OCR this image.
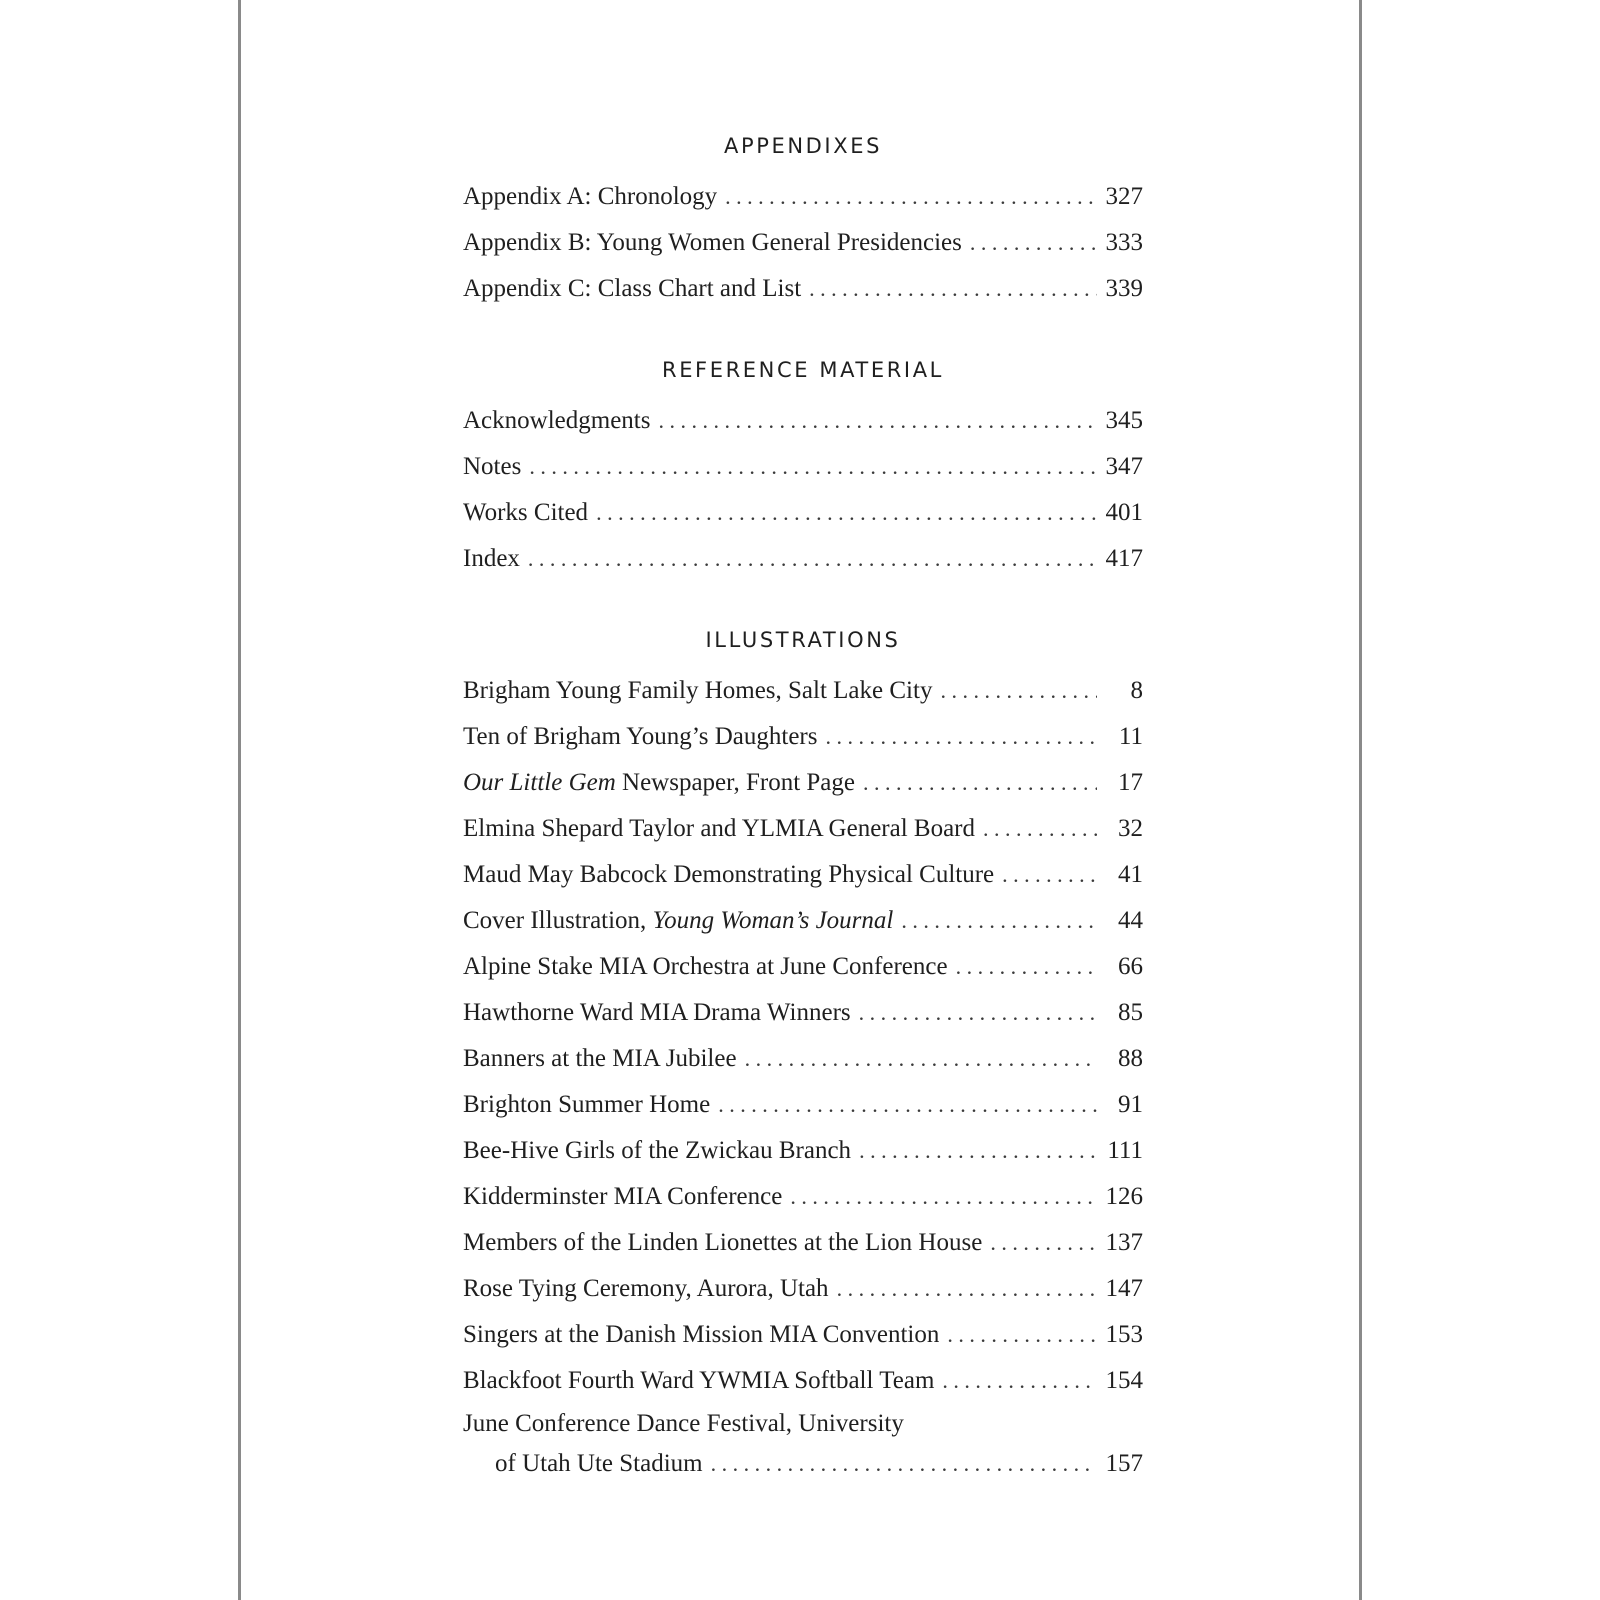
APPENDIXES
Appendix A: Chronology . . .	327
Appendix B: Young Women General Presidencies . . .	333
Appendix C: Class Chart and List . . .	339
REFERENCE MATERIAL
Acknowledgments . . .	345
Notes . . .	347
Works Cited . . .	401
Index . . .	417
ILLUSTRATIONS
Brigham Young Family Homes, Salt Lake City . . .	8
Ten of Brigham Young’s Daughters . . .	11
Our Little Gem Newspaper, Front Page . . .	17
Elmina Shepard Taylor and YLMIA General Board . . .	32
Maud May Babcock Demonstrating Physical Culture . . .	41
Cover Illustration, Young Woman’s Journal . . .	44
Alpine Stake MIA Orchestra at June Conference . . .	66
Hawthorne Ward MIA Drama Winners . . .	85
Banners at the MIA Jubilee . . .	88
Brighton Summer Home . . .	91
Bee-Hive Girls of the Zwickau Branch . . .	111
Kidderminster MIA Conference . . .	126
Members of the Linden Lionettes at the Lion House . . .	137
Rose Tying Ceremony, Aurora, Utah . . .	147
Singers at the Danish Mission MIA Convention . . .	153
Blackfoot Fourth Ward YWMIA Softball Team . . .	154
June Conference Dance Festival, University
of Utah Ute Stadium . . .	157
